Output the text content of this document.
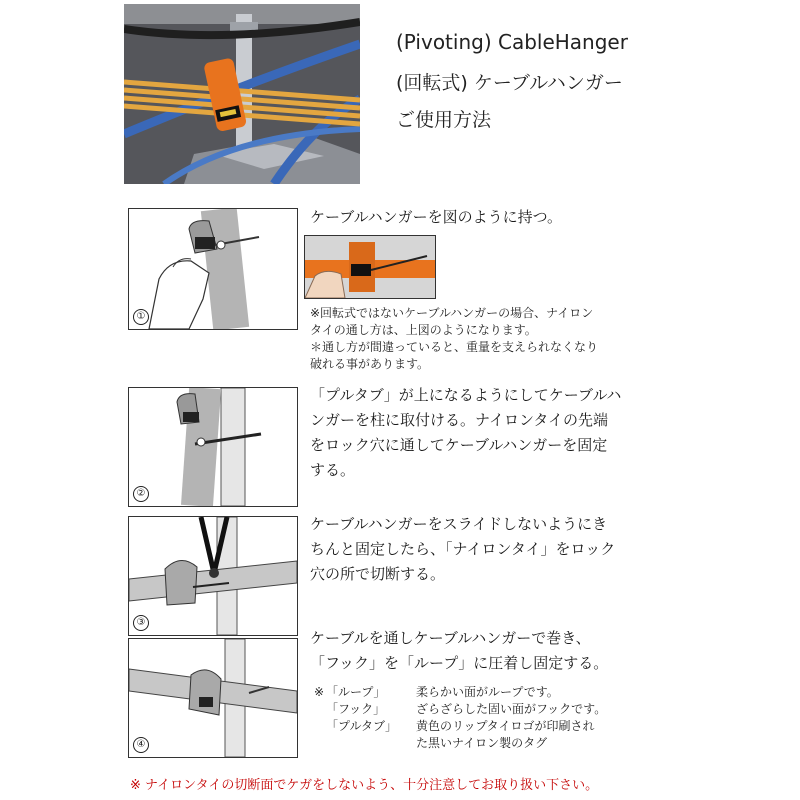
(Pivoting) CableHanger
(回転式) ケーブルハンガー
ご使用方法
①
ケーブルハンガーを図のように持つ。
※回転式ではないケーブルハンガーの場合、ナイロン
タイの通し方は、上図のようになります。
＊通し方が間違っていると、重量を支えられなくなり
破れる事があります。
②
「プルタブ」が上になるようにしてケーブルハ
ンガーを柱に取付ける。ナイロンタイの先端
をロック穴に通してケーブルハンガーを固定
する。
③
ケーブルハンガーをスライドしないようにき
ちんと固定したら、「ナイロンタイ」をロック
穴の所で切断する。
④
ケーブルを通しケーブルハンガーで巻き、
「フック」を「ループ」に圧着し固定する。
※ 「ループ」	柔らかい面がループです。
「フック」	ざらざらした固い面がフックです。
「プルタブ」	黄色のリップタイロゴが印刷され
た黒いナイロン製のタグ
※ ナイロンタイの切断面でケガをしないよう、十分注意してお取り扱い下さい。
